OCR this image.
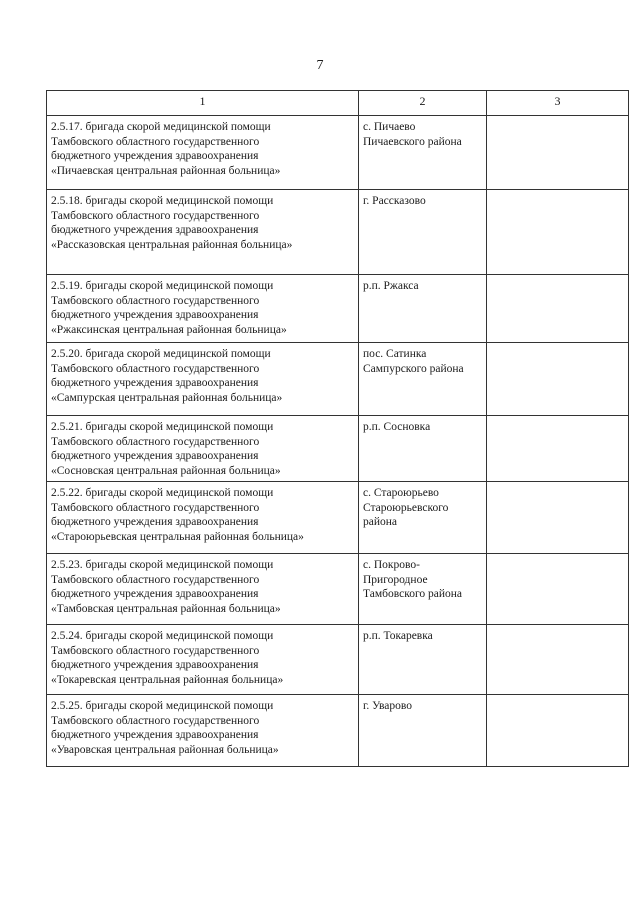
7
1	2	3

2.5.17. бригада скорой медицинской помощи
Тамбовского областного государственного
бюджетного учреждения здравоохранения
«Пичаевская центральная районная больница»	с. Пичаево
Пичаевского района	

2.5.18. бригады скорой медицинской помощи
Тамбовского областного государственного
бюджетного учреждения здравоохранения
«Рассказовская центральная районная больница»	г. Рассказово	

2.5.19. бригады скорой медицинской помощи
Тамбовского областного государственного
бюджетного учреждения здравоохранения
«Ржаксинская центральная районная больница»	р.п. Ржакса	

2.5.20. бригада скорой медицинской помощи
Тамбовского областного государственного
бюджетного учреждения здравоохранения
«Сампурская центральная районная больница»	пос. Сатинка
Сампурского района	

2.5.21. бригады скорой медицинской помощи
Тамбовского областного государственного
бюджетного учреждения здравоохранения
«Сосновская центральная районная больница»	р.п. Сосновка	

2.5.22. бригады скорой медицинской помощи
Тамбовского областного государственного
бюджетного учреждения здравоохранения
«Староюрьевская центральная районная больница»	с. Староюрьево
Староюрьевского
района	

2.5.23. бригады скорой медицинской помощи
Тамбовского областного государственного
бюджетного учреждения здравоохранения
«Тамбовская центральная районная больница»	с. Покрово-
Пригородное
Тамбовского района	

2.5.24. бригады скорой медицинской помощи
Тамбовского областного государственного
бюджетного учреждения здравоохранения
«Токаревская центральная районная больница»	р.п. Токаревка	

2.5.25. бригады скорой медицинской помощи
Тамбовского областного государственного
бюджетного учреждения здравоохранения
«Уваровская центральная районная больница»	г. Уварово	
